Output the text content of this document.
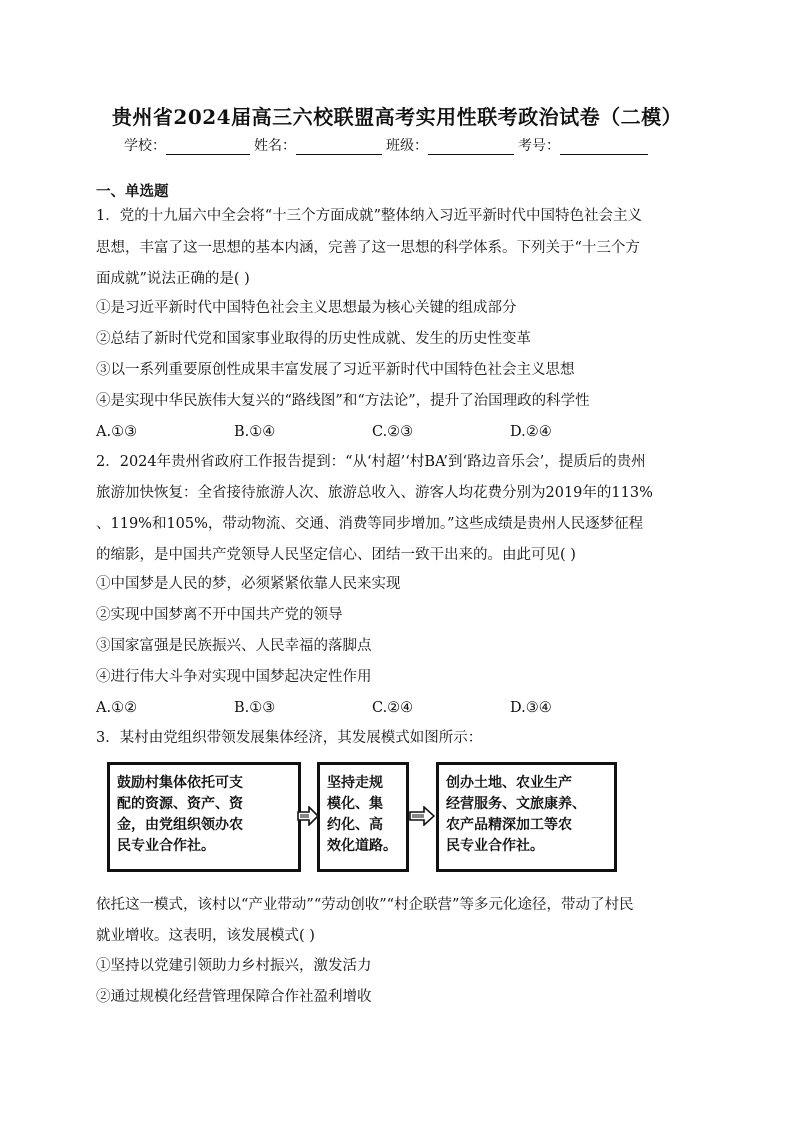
贵州省2024届高三六校联盟高考实用性联考政治试卷（二模）
学校：	姓名：	班级：	考号：
一、单选题
1．党的十九届六中全会将“十三个方面成就”整体纳入习近平新时代中国特色社会主义
思想，丰富了这一思想的基本内涵，完善了这一思想的科学体系。下列关于“十三个方
面成就”说法正确的是( )
①是习近平新时代中国特色社会主义思想最为核心关键的组成部分
②总结了新时代党和国家事业取得的历史性成就、发生的历史性变革
③以一系列重要原创性成果丰富发展了习近平新时代中国特色社会主义思想
④是实现中华民族伟大复兴的“路线图”和“方法论”，提升了治国理政的科学性
A.①③	B.①④	C.②③	D.②④
2．2024年贵州省政府工作报告提到：“从‘村超’‘村BA’到‘路边音乐会’，提质后的贵州
旅游加快恢复：全省接待旅游人次、旅游总收入、游客人均花费分别为2019年的113%
、119%和105%，带动物流、交通、消费等同步增加。”这些成绩是贵州人民逐梦征程
的缩影，是中国共产党领导人民坚定信心、团结一致干出来的。由此可见( )
①中国梦是人民的梦，必须紧紧依靠人民来实现
②实现中国梦离不开中国共产党的领导
③国家富强是民族振兴、人民幸福的落脚点
④进行伟大斗争对实现中国梦起决定性作用
A.①②	B.①③	C.②④	D.③④
3．某村由党组织带领发展集体经济，其发展模式如图所示：
鼓励村集体依托可支
配的资源、资产、资
金，由党组织领办农
民专业合作社。
坚持走规
模化、集
约化、高
效化道路。
创办土地、农业生产
经营服务、文旅康养、
农产品精深加工等农
民专业合作社。
依托这一模式，该村以“产业带动”“劳动创收”“村企联营”等多元化途径，带动了村民
就业增收。这表明，该发展模式( )
①坚持以党建引领助力乡村振兴，激发活力
②通过规模化经营管理保障合作社盈利增收
